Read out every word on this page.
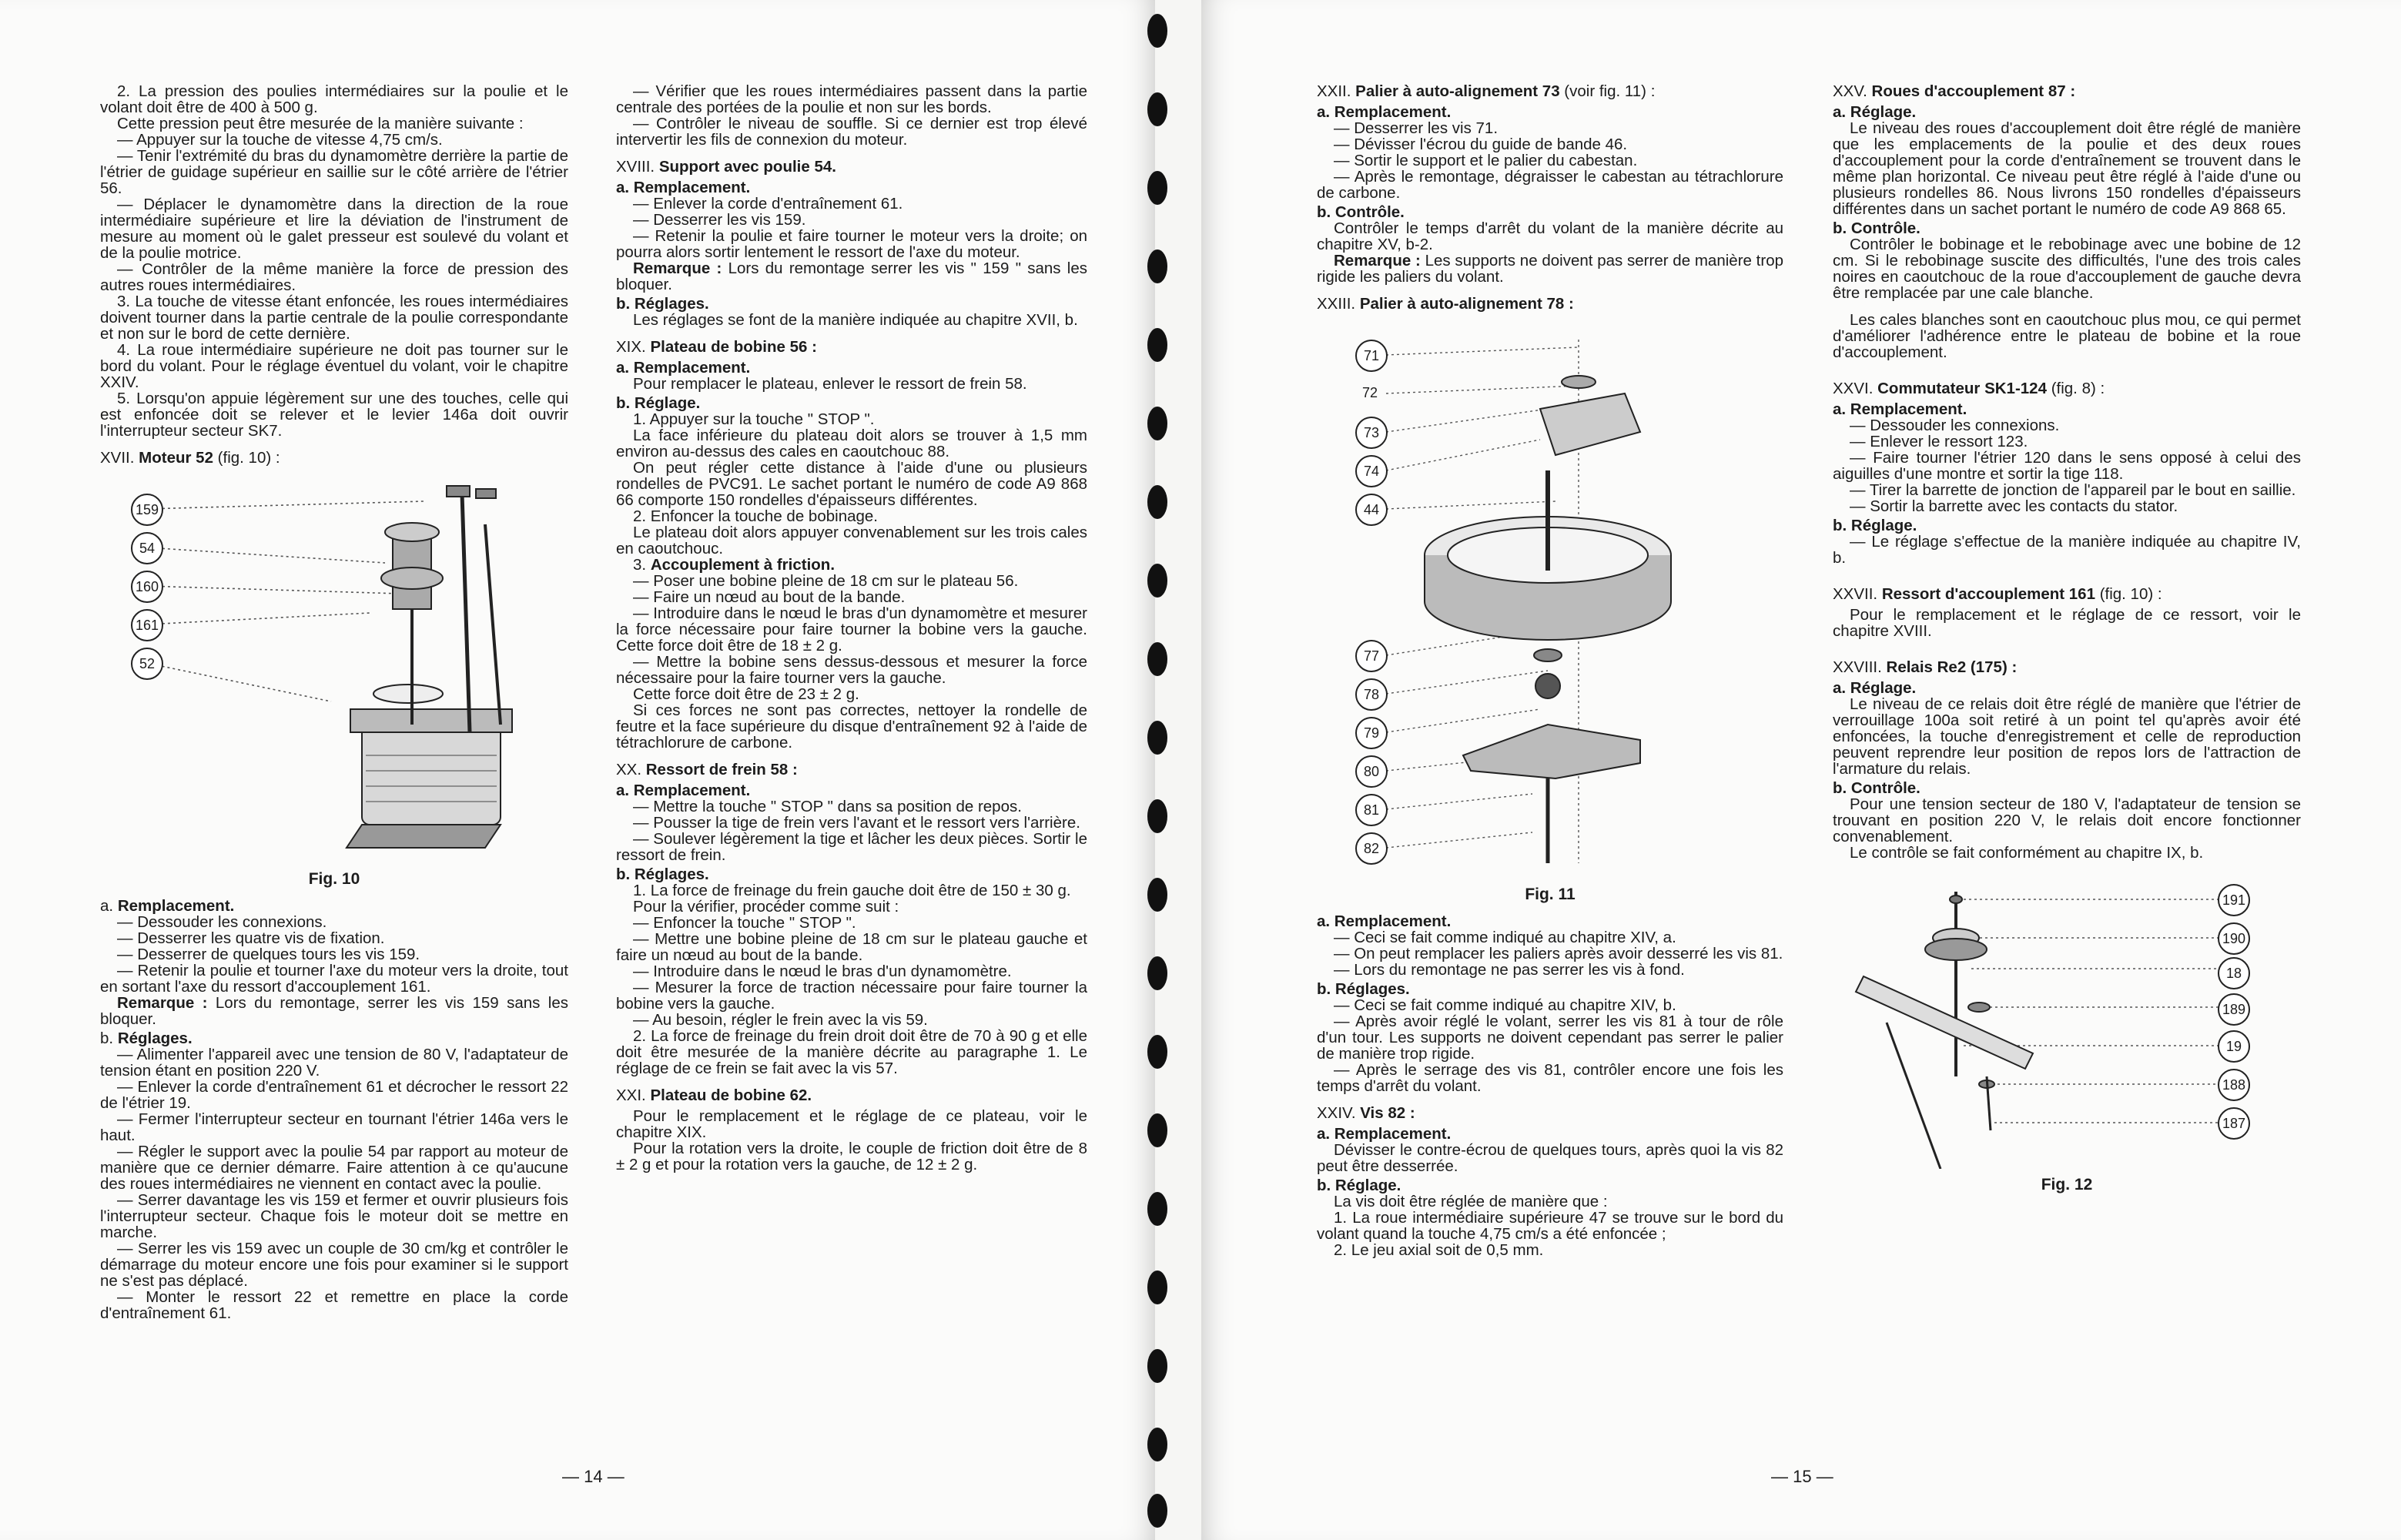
2. La pression des poulies intermédiaires sur la poulie et le volant doit être de 400 à 500 g.

Cette pression peut être mesurée de la manière suivante :

— Appuyer sur la touche de vitesse 4,75 cm/s.

— Tenir l'extrémité du bras du dynamomètre derrière la partie de l'étrier de guidage supérieur en saillie sur le côté arrière de l'étrier 56.

— Déplacer le dynamomètre dans la direction de la roue intermédiaire supérieure et lire la déviation de l'instrument de mesure au moment où le galet presseur est soulevé du volant et de la poulie motrice.

— Contrôler de la même manière la force de pression des autres roues intermédiaires.

3. La touche de vitesse étant enfoncée, les roues intermédiaires doivent tourner dans la partie centrale de la poulie correspondante et non sur le bord de cette dernière.

4. La roue intermédiaire supérieure ne doit pas tourner sur le bord du volant. Pour le réglage éventuel du volant, voir le chapitre XXIV.

5. Lorsqu'on appuie légèrement sur une des touches, celle qui est enfoncée doit se relever et le levier 146a doit ouvrir l'interrupteur secteur SK7.

XVII. Moteur 52 (fig. 10) :
159
54
160
161
52
Fig. 10
a. Remplacement.

— Dessouder les connexions.

— Desserrer les quatre vis de fixation.

— Desserrer de quelques tours les vis 159.

— Retenir la poulie et tourner l'axe du moteur vers la droite, tout en sortant l'axe du ressort d'accouplement 161.

Remarque : Lors du remontage, serrer les vis 159 sans les bloquer.

b. Réglages.

— Alimenter l'appareil avec une tension de 80 V, l'adaptateur de tension étant en position 220 V.

— Enlever la corde d'entraînement 61 et décrocher le ressort 22 de l'étrier 19.

— Fermer l'interrupteur secteur en tournant l'étrier 146a vers le haut.

— Régler le support avec la poulie 54 par rapport au moteur de manière que ce dernier démarre. Faire attention à ce qu'aucune des roues intermédiaires ne viennent en contact avec la poulie.

— Serrer davantage les vis 159 et fermer et ouvrir plusieurs fois l'interrupteur secteur. Chaque fois le moteur doit se mettre en marche.

— Serrer les vis 159 avec un couple de 30 cm/kg et contrôler le démarrage du moteur encore une fois pour examiner si le support ne s'est pas déplacé.

— Monter le ressort 22 et remettre en place la corde d'entraînement 61.

— Vérifier que les roues intermédiaires passent dans la partie centrale des portées de la poulie et non sur les bords.

— Contrôler le niveau de souffle. Si ce dernier est trop élevé intervertir les fils de connexion du moteur.

XVIII. Support avec poulie 54.
a. Remplacement.

— Enlever la corde d'entraînement 61.

— Desserrer les vis 159.

— Retenir la poulie et faire tourner le moteur vers la droite; on pourra alors sortir lentement le ressort de l'axe du moteur.

Remarque : Lors du remontage serrer les vis " 159 " sans les bloquer.

b. Réglages.

Les réglages se font de la manière indiquée au chapitre XVII, b.

XIX. Plateau de bobine 56 :
a. Remplacement.

Pour remplacer le plateau, enlever le ressort de frein 58.

b. Réglage.

1. Appuyer sur la touche " STOP ".

La face inférieure du plateau doit alors se trouver à 1,5 mm environ au-dessus des cales en caoutchouc 88.

On peut régler cette distance à l'aide d'une ou plusieurs rondelles de PVC91. Le sachet portant le numéro de code A9 868 66 comporte 150 rondelles d'épaisseurs différentes.

2. Enfoncer la touche de bobinage.

Le plateau doit alors appuyer convenablement sur les trois cales en caoutchouc.

3. Accouplement à friction.

— Poser une bobine pleine de 18 cm sur le plateau 56.

— Faire un nœud au bout de la bande.

— Introduire dans le nœud le bras d'un dynamomètre et mesurer la force nécessaire pour faire tourner la bobine vers la gauche. Cette force doit être de 18 ± 2 g.

— Mettre la bobine sens dessus-dessous et mesurer la force nécessaire pour la faire tourner vers la gauche.

Cette force doit être de 23 ± 2 g.

Si ces forces ne sont pas correctes, nettoyer la rondelle de feutre et la face supérieure du disque d'entraînement 92 à l'aide de tétrachlorure de carbone.

XX. Ressort de frein 58 :
a. Remplacement.

— Mettre la touche " STOP " dans sa position de repos.

— Pousser la tige de frein vers l'avant et le ressort vers l'arrière.

— Soulever légèrement la tige et lâcher les deux pièces. Sortir le ressort de frein.

b. Réglages.

1. La force de freinage du frein gauche doit être de 150 ± 30 g.

Pour la vérifier, procéder comme suit :

— Enfoncer la touche " STOP ".

— Mettre une bobine pleine de 18 cm sur le plateau gauche et faire un nœud au bout de la bande.

— Introduire dans le nœud le bras d'un dynamomètre.

— Mesurer la force de traction nécessaire pour faire tourner la bobine vers la gauche.

— Au besoin, régler le frein avec la vis 59.

2. La force de freinage du frein droit doit être de 70 à 90 g et elle doit être mesurée de la manière décrite au paragraphe 1. Le réglage de ce frein se fait avec la vis 57.

XXI. Plateau de bobine 62.

Pour le remplacement et le réglage de ce plateau, voir le chapitre XIX.

Pour la rotation vers la droite, le couple de friction doit être de 8 ± 2 g et pour la rotation vers la gauche, de 12 ± 2 g.

— 14 —
XXII. Palier à auto-alignement 73 (voir fig. 11) :
a. Remplacement.

— Desserrer les vis 71.

— Dévisser l'écrou du guide de bande 46.

— Sortir le support et le palier du cabestan.

— Après le remontage, dégraisser le cabestan au tétrachlorure de carbone.

b. Contrôle.

Contrôler le temps d'arrêt du volant de la manière décrite au chapitre XV, b-2.

Remarque : Les supports ne doivent pas serrer de manière trop rigide les paliers du volant.

XXIII. Palier à auto-alignement 78 :
71
72
73
74
44
77
78
79
80
81
82
Fig. 11
a. Remplacement.

— Ceci se fait comme indiqué au chapitre XIV, a.

— On peut remplacer les paliers après avoir desserré les vis 81.

— Lors du remontage ne pas serrer les vis à fond.

b. Réglages.

— Ceci se fait comme indiqué au chapitre XIV, b.

— Après avoir réglé le volant, serrer les vis 81 à tour de rôle d'un tour. Les supports ne doivent cependant pas serrer le palier de manière trop rigide.

— Après le serrage des vis 81, contrôler encore une fois les temps d'arrêt du volant.

XXIV. Vis 82 :
a. Remplacement.

Dévisser le contre-écrou de quelques tours, après quoi la vis 82 peut être desserrée.

b. Réglage.

La vis doit être réglée de manière que :

1. La roue intermédiaire supérieure 47 se trouve sur le bord du volant quand la touche 4,75 cm/s a été enfoncée ;

2. Le jeu axial soit de 0,5 mm.

XXV. Roues d'accouplement 87 :
a. Réglage.

Le niveau des roues d'accouplement doit être réglé de manière que les emplacements de la poulie et des deux roues d'accouplement pour la corde d'entraînement se trouvent dans le même plan horizontal. Ce niveau peut être réglé à l'aide d'une ou plusieurs rondelles 86. Nous livrons 150 rondelles d'épaisseurs différentes dans un sachet portant le numéro de code A9 868 65.

b. Contrôle.

Contrôler le bobinage et le rebobinage avec une bobine de 12 cm. Si le rebobinage suscite des difficultés, l'une des trois cales noires en caoutchouc de la roue d'accouplement de gauche devra être remplacée par une cale blanche.

Les cales blanches sont en caoutchouc plus mou, ce qui permet d'améliorer l'adhérence entre le plateau de bobine et la roue d'accouplement.

XXVI. Commutateur SK1-124 (fig. 8) :
a. Remplacement.

— Dessouder les connexions.

— Enlever le ressort 123.

— Faire tourner l'étrier 120 dans le sens opposé à celui des aiguilles d'une montre et sortir la tige 118.

— Tirer la barrette de jonction de l'appareil par le bout en saillie.

— Sortir la barrette avec les contacts du stator.

b. Réglage.

— Le réglage s'effectue de la manière indiquée au chapitre IV, b.

XXVII. Ressort d'accouplement 161 (fig. 10) :

Pour le remplacement et le réglage de ce ressort, voir le chapitre XVIII.

XXVIII. Relais Re2 (175) :
a. Réglage.

Le niveau de ce relais doit être réglé de manière que l'étrier de verrouillage 100a soit retiré à un point tel qu'après avoir été enfoncées, la touche d'enregistrement et celle de reproduction peuvent reprendre leur position de repos lors de l'attraction de l'armature du relais.

b. Contrôle.

Pour une tension secteur de 180 V, l'adaptateur de tension se trouvant en position 220 V, le relais doit encore fonctionner convenablement.

Le contrôle se fait conformément au chapitre IX, b.

191
190
18
189
19
188
187
Fig. 12
— 15 —
